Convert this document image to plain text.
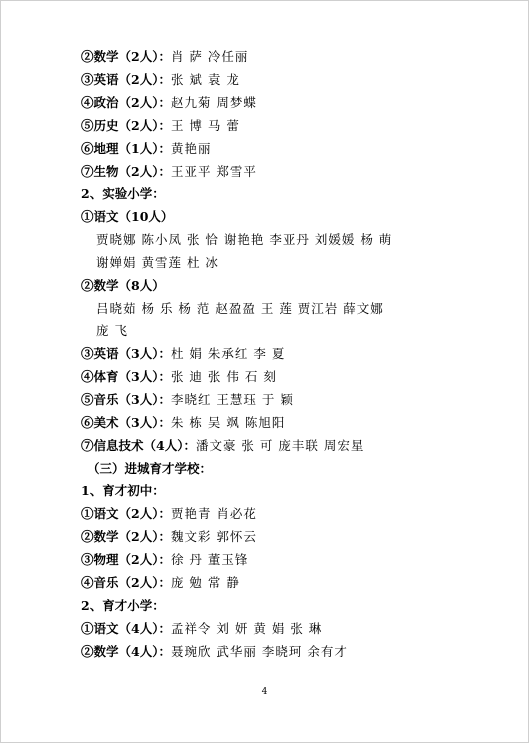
②数学（2人）：肖 萨 冷任丽
③英语（2人）：张 斌 袁 龙
④政治（2人）：赵九菊 周梦蝶
⑤历史（2人）：王 博 马 蕾
⑥地理（1人）：黄艳丽
⑦生物（2人）：王亚平 郑雪平
2、实验小学：
①语文（10人）
贾晓娜 陈小凤 张 恰 谢艳艳 李亚丹 刘媛媛 杨 萌
谢婵娟 黄雪莲 杜 冰
②数学（8人）
吕晓茹 杨 乐 杨 范 赵盈盈 王 莲 贾江岩 薛文娜
庞 飞
③英语（3人）：杜 娟 朱承红 李 夏
④体育（3人）：张 迪 张 伟 石 刻
⑤音乐（3人）：李晓红 王慧珏 于 颖
⑥美术（3人）：朱 栋 吴 飒 陈旭阳
⑦信息技术（4人）：潘文豪 张 可 庞丰联 周宏星
（三）进城育才学校：
1、育才初中：
①语文（2人）：贾艳青 肖必花
②数学（2人）：魏文彩 郭怀云
③物理（2人）：徐 丹 董玉锋
④音乐（2人）：庞 勉 常 静
2、育才小学：
①语文（4人）：孟祥令 刘 妍 黄 娟 张 琳
②数学（4人）：聂琬欣 武华丽 李晓珂 余有才
4
